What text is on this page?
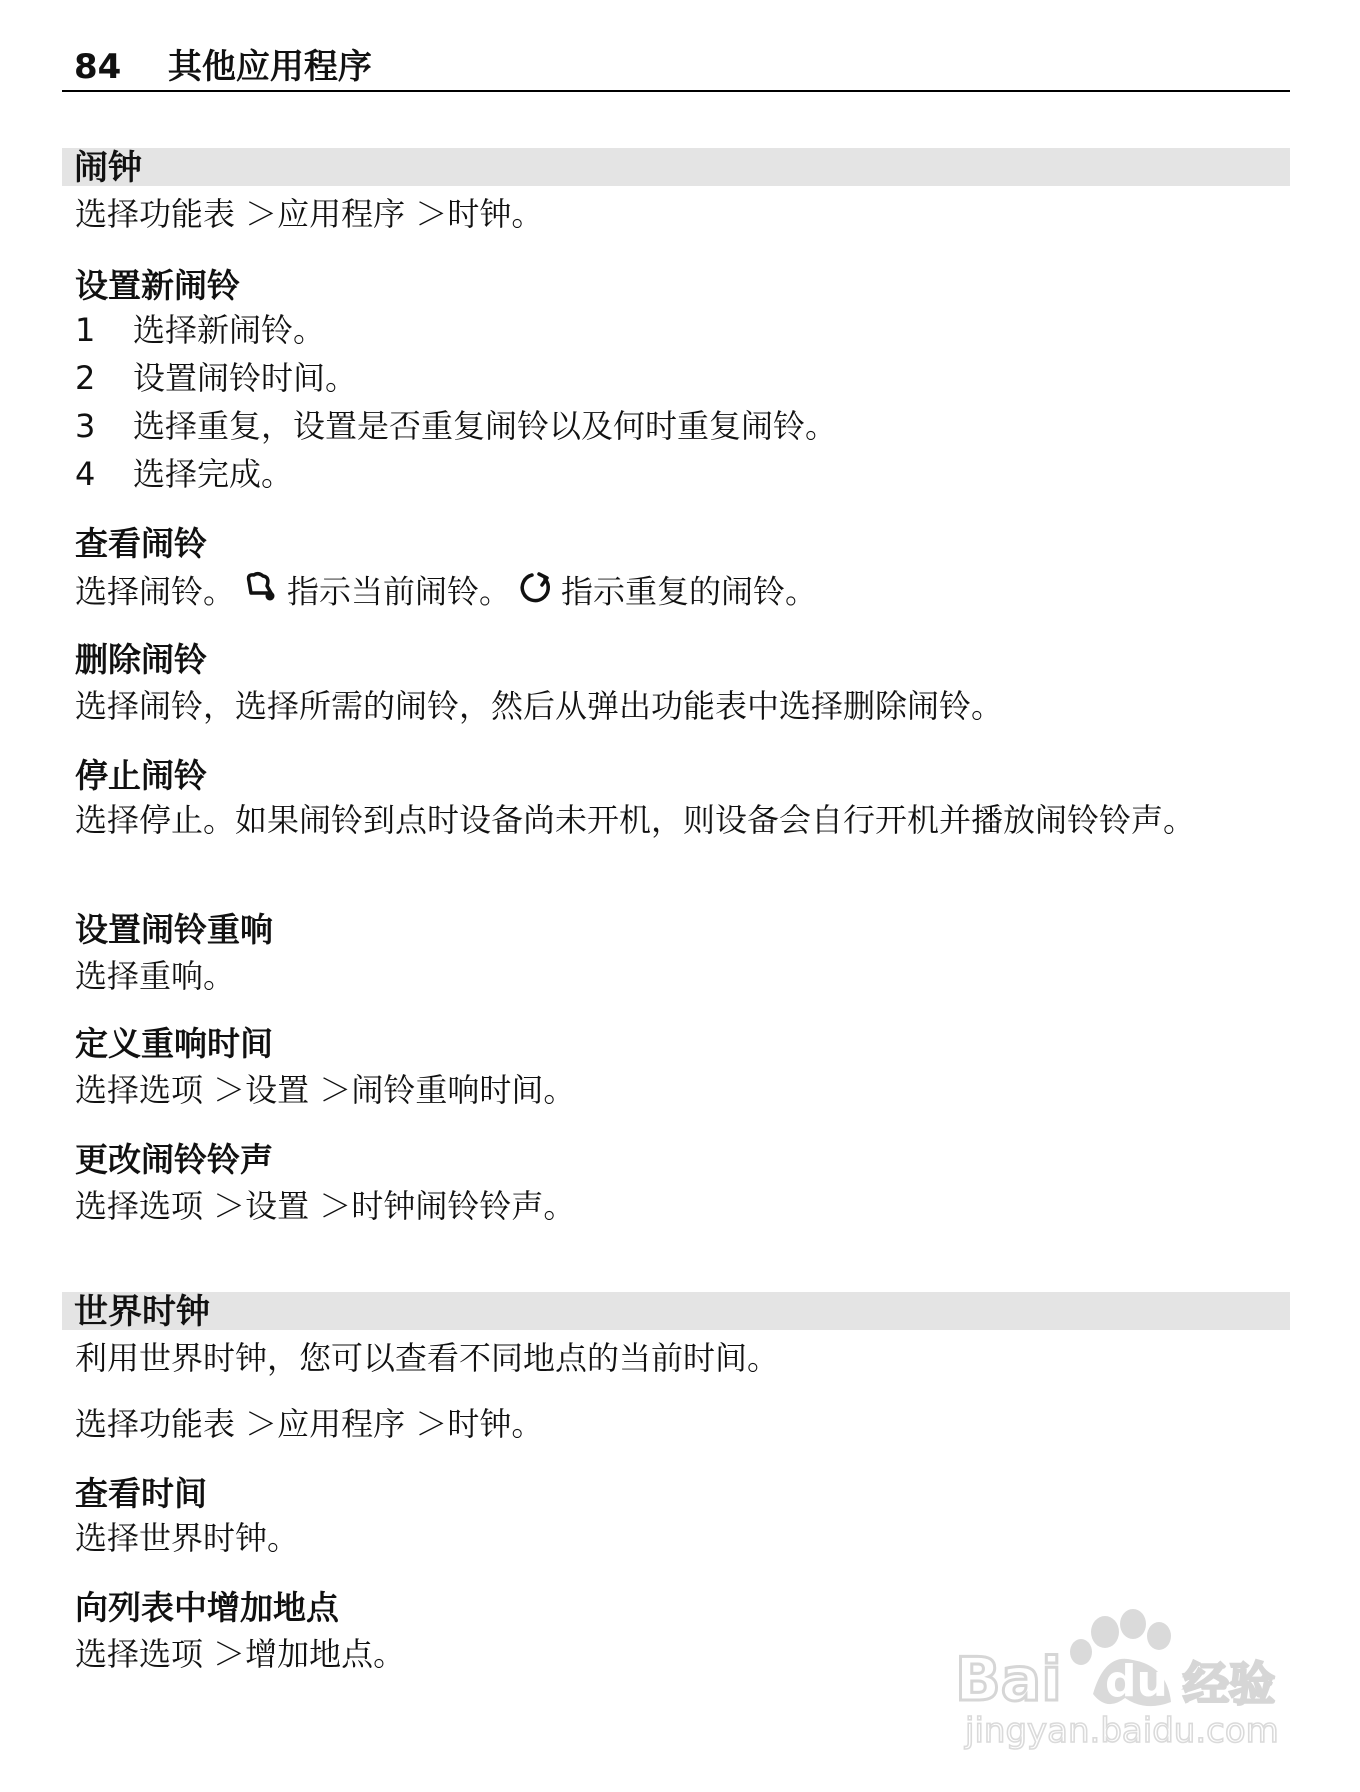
84 其他应用程序
闹钟
选择功能表 ＞应用程序 ＞时钟。
设置新闹铃
1 选择新闹铃。
2 设置闹铃时间。
3 选择重复，设置是否重复闹铃以及何时重复闹铃。
4 选择完成。
查看闹铃
选择闹铃。 指示当前闹铃。 指示重复的闹铃。
删除闹铃
选择闹铃，选择所需的闹铃，然后从弹出功能表中选择删除闹铃。
停止闹铃
选择停止。如果闹铃到点时设备尚未开机，则设备会自行开机并播放闹铃铃声。
设置闹铃重响
选择重响。
定义重响时间
选择选项 ＞设置 ＞闹铃重响时间。
更改闹铃铃声
选择选项 ＞设置 ＞时钟闹铃铃声。
世界时钟
利用世界时钟，您可以查看不同地点的当前时间。
选择功能表 ＞应用程序 ＞时钟。
查看时间
选择世界时钟。
向列表中增加地点
选择选项 ＞增加地点。	Bai du 经验
jingyan.baidu.com
